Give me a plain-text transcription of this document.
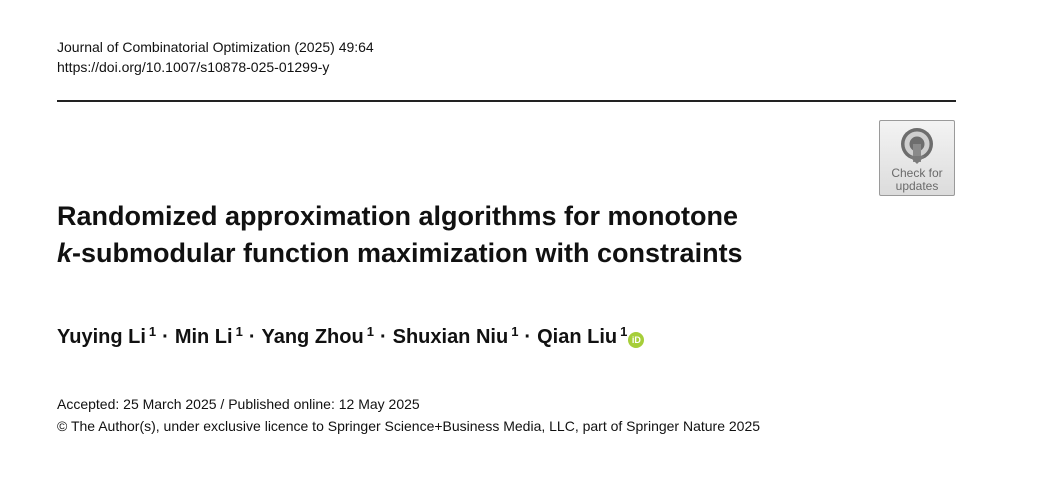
Journal of Combinatorial Optimization (2025) 49:64
https://doi.org/10.1007/s10878-025-01299-y
Check for
updates
Randomized approximation algorithms for monotone
k-submodular function maximization with constraints
Yuying Li $^1$ · Min Li $^1$ · Yang Zhou $^1$ · Shuxian Niu $^1$ · Qian Liu $^1$iD
Accepted: 25 March 2025 / Published online: 12 May 2025
© The Author(s), under exclusive licence to Springer Science+Business Media, LLC, part of Springer Nature 2025
